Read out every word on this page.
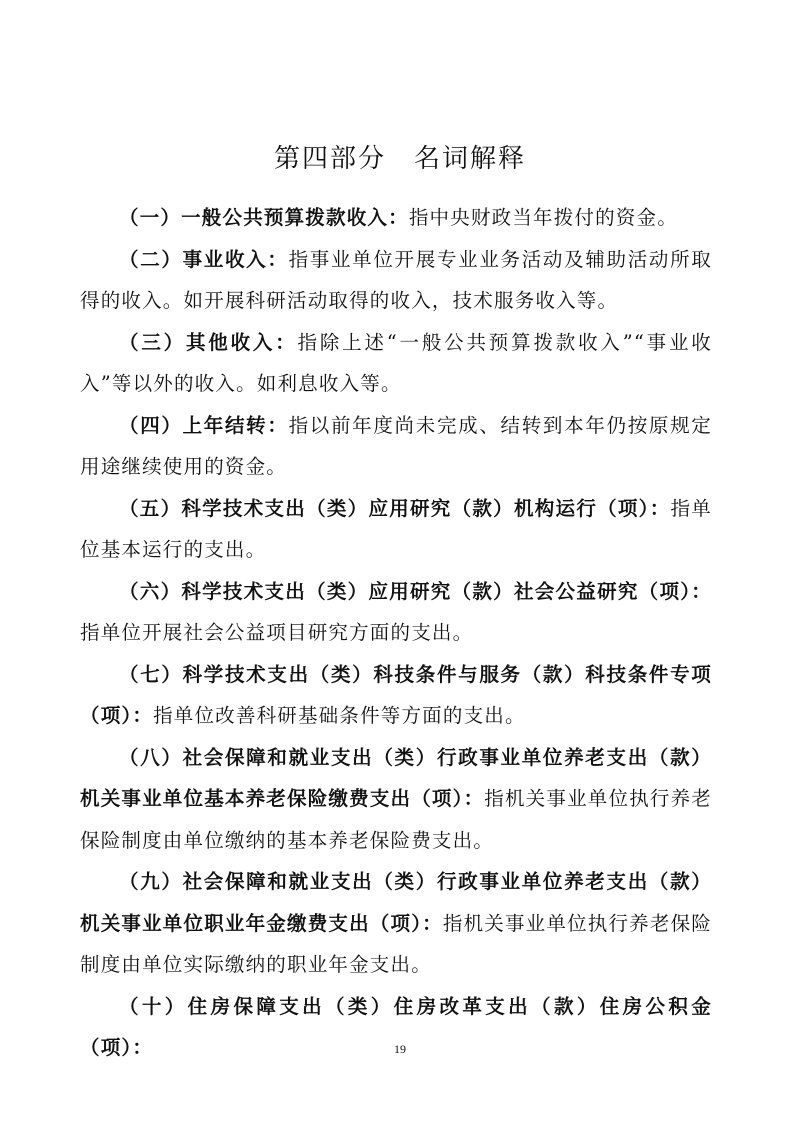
第四部分　名词解释

（一）一般公共预算拨款收入：指中央财政当年拨付的资金。

（二）事业收入：指事业单位开展专业业务活动及辅助活动所取得的收入。如开展科研活动取得的收入，技术服务收入等。

（三）其他收入：指除上述“一般公共预算拨款收入”“事业收入”等以外的收入。如利息收入等。

（四）上年结转：指以前年度尚未完成、结转到本年仍按原规定用途继续使用的资金。

（五）科学技术支出（类）应用研究（款）机构运行（项）：指单位基本运行的支出。

（六）科学技术支出（类）应用研究（款）社会公益研究（项）：指单位开展社会公益项目研究方面的支出。

（七）科学技术支出（类）科技条件与服务（款）科技条件专项（项）：指单位改善科研基础条件等方面的支出。

（八）社会保障和就业支出（类）行政事业单位养老支出（款）机关事业单位基本养老保险缴费支出（项）：指机关事业单位执行养老保险制度由单位缴纳的基本养老保险费支出。

（九）社会保障和就业支出（类）行政事业单位养老支出（款）机关事业单位职业年金缴费支出（项）：指机关事业单位执行养老保险制度由单位实际缴纳的职业年金支出。

（十）住房保障支出（类）住房改革支出（款）住房公积金（项）：	19
